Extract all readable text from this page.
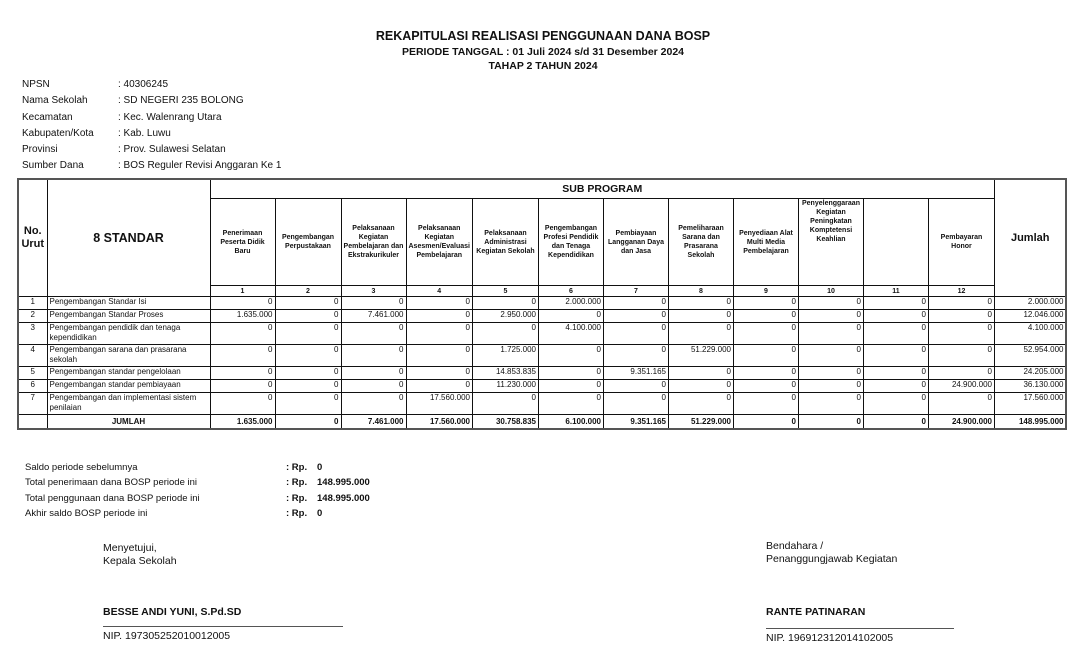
REKAPITULASI REALISASI PENGGUNAAN DANA BOSP
PERIODE TANGGAL : 01 Juli 2024 s/d 31 Desember 2024
TAHAP 2 TAHUN 2024
NPSN	: 40306245
Nama Sekolah	: SD NEGERI 235 BOLONG
Kecamatan	: Kec. Walenrang Utara
Kabupaten/Kota	: Kab. Luwu
Provinsi	: Prov. Sulawesi Selatan
Sumber Dana	: BOS Reguler Revisi Anggaran Ke 1
No. Urut	8 STANDAR	SUB PROGRAM												Jumlah
		Penerimaan Peserta Didik Baru	Pengembangan Perpustakaan	Pelaksanaan Kegiatan Pembelajaran dan Ekstrakurikuler	Pelaksanaan Kegiatan Asesmen/Evaluasi Pembelajaran	Pelaksanaan Administrasi Kegiatan Sekolah	Pengembangan Profesi Pendidik dan Tenaga Kependidikan	Pembiayaan Langganan Daya dan Jasa	Pemeliharaan Sarana dan Prasarana Sekolah	Penyediaan Alat Multi Media Pembelajaran	Penyelenggaraan Kegiatan Peningkatan Komptetensi Keahlian		Pembayaran Honor	
		1	2	3	4	5	6	7	8	9	10	11	12	
1	Pengembangan Standar Isi	0	0	0	0	0	2.000.000	0	0	0	0	0	0	2.000.000
2	Pengembangan Standar Proses	1.635.000	0	7.461.000	0	2.950.000	0	0	0	0	0	0	0	12.046.000
3	Pengembangan pendidik dan tenaga kependidikan	0	0	0	0	0	4.100.000	0	0	0	0	0	0	4.100.000
4	Pengembangan sarana dan prasarana sekolah	0	0	0	0	1.725.000	0	0	51.229.000	0	0	0	0	52.954.000
5	Pengembangan standar pengelolaan	0	0	0	0	14.853.835	0	9.351.165	0	0	0	0	0	24.205.000
6	Pengembangan standar pembiayaan	0	0	0	0	11.230.000	0	0	0	0	0	0	24.900.000	36.130.000
7	Pengembangan dan implementasi sistem penilaian	0	0	0	17.560.000	0	0	0	0	0	0	0	0	17.560.000
	JUMLAH	1.635.000	0	7.461.000	17.560.000	30.758.835	6.100.000	9.351.165	51.229.000	0	0	0	24.900.000	148.995.000
Saldo periode sebelumnya	: Rp.	0
Total penerimaan dana BOSP periode ini	: Rp.	148.995.000
Total penggunaan dana BOSP periode ini	: Rp.	148.995.000
Akhir saldo BOSP periode ini	: Rp.	0
Menyetujui,
Kepala Sekolah
BESSE ANDI YUNI, S.Pd.SD
NIP. 197305252010012005
Bendahara /
Penanggungjawab Kegiatan
RANTE PATINARAN
NIP. 196912312014102005
